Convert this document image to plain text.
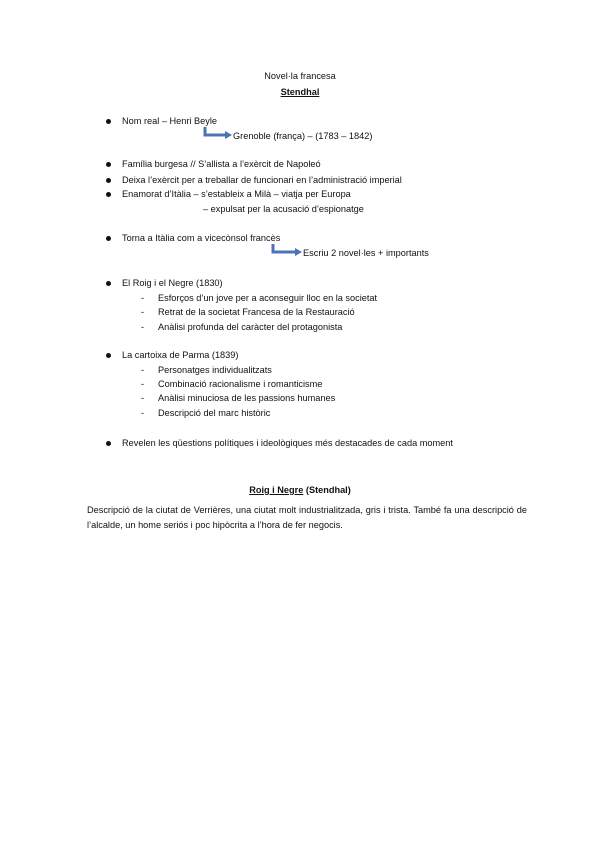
Novel·la francesa
Stendhal
Nom real – Henri Beyle
Grenoble (frança) – (1783 – 1842)
Família burgesa // S’allista a l’exèrcit de Napoleó
Deixa l’exèrcit per a treballar de funcionari en l’administració imperial
Enamorat d’Itàlia – s’estableix a Milà – viatja per Europa
– expulsat per la acusació d’espionatge
Torna a Itàlia com a vicecònsol francès
Escriu 2 novel·les + importants
El Roig i el Negre (1830)
- Esforços d’un jove per a aconseguir lloc en la societat
- Retrat de la societat Francesa de la Restauració
- Anàlisi profunda del caràcter del protagonista
La cartoixa de Parma (1839)
- Personatges individualitzats
- Combinació racionalisme i romanticisme
- Anàlisi minuciosa de les passions humanes
- Descripció del marc històric
Revelen les qüestions polítiques i ideològiques més destacades de cada moment
Roig i Negre (Stendhal)
Descripció de la ciutat de Verrières, una ciutat molt industrialitzada, gris i trista. També fa una descripció de l’alcalde, un home seriós i poc hipòcrita a l’hora de fer negocis.
